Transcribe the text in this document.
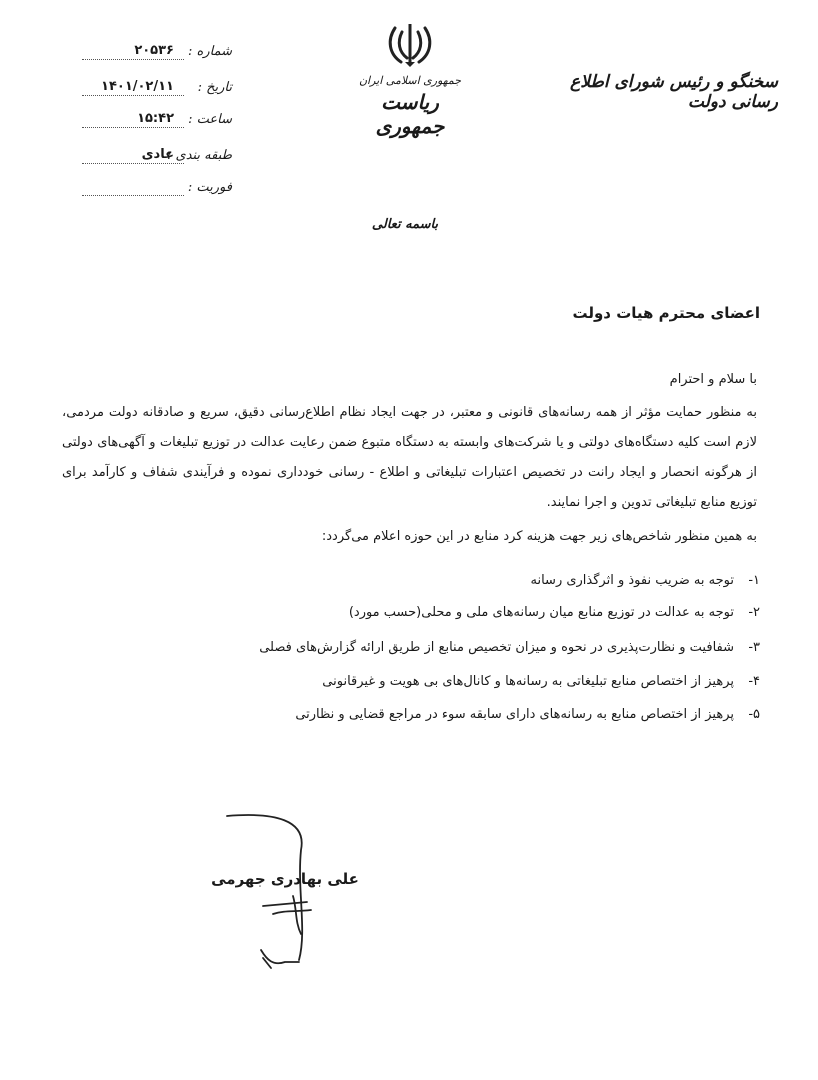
جمهوری اسلامی ایران
ریاست جمهوری
سخنگو و رئیس شورای اطلاع رسانی دولت
۲۰۵۳۶ شماره :
۱۴۰۱/۰۲/۱۱ تاریخ :
۱۵:۴۲ ساعت :
عادی
طبقه بندی :
فوریت :
باسمه تعالی
اعضای محترم هیات دولت
با سلام و احترام
به منظور حمایت مؤثر از همه رسانه‌های قانونی و معتبر، در جهت ایجاد نظام اطلاع‌رسانی دقیق، سریع و صادقانه دولت مردمی، لازم است کلیه دستگاه‌های دولتی و یا شرکت‌های وابسته به دستگاه متبوع ضمن رعایت عدالت در توزیع تبلیغات و آگهی‌های دولتی از هرگونه انحصار و ایجاد رانت در تخصیص اعتبارات تبلیغاتی و اطلاع - رسانی خودداری نموده و فرآیندی شفاف و کارآمد برای توزیع منابع تبلیغاتی تدوین و اجرا نمایند.
به همین منظور شاخص‌های زیر جهت هزینه کرد منابع در این حوزه اعلام می‌گردد:
۱-
توجه به ضریب نفوذ و اثرگذاری رسانه
۲-
توجه به عدالت در توزیع منابع میان رسانه‌های ملی و محلی(حسب مورد)
۳-
شفافیت و نظارت‌پذیری در نحوه و میزان تخصیص منابع از طریق ارائه گزارش‌های فصلی
۴-
پرهیز از اختصاص منابع تبلیغاتی به رسانه‌ها و کانال‌های بی هویت و غیرقانونی
۵-
پرهیز از اختصاص منابع به رسانه‌های دارای سابقه سوء در مراجع قضایی و نظارتی
علی بهادری جهرمی
